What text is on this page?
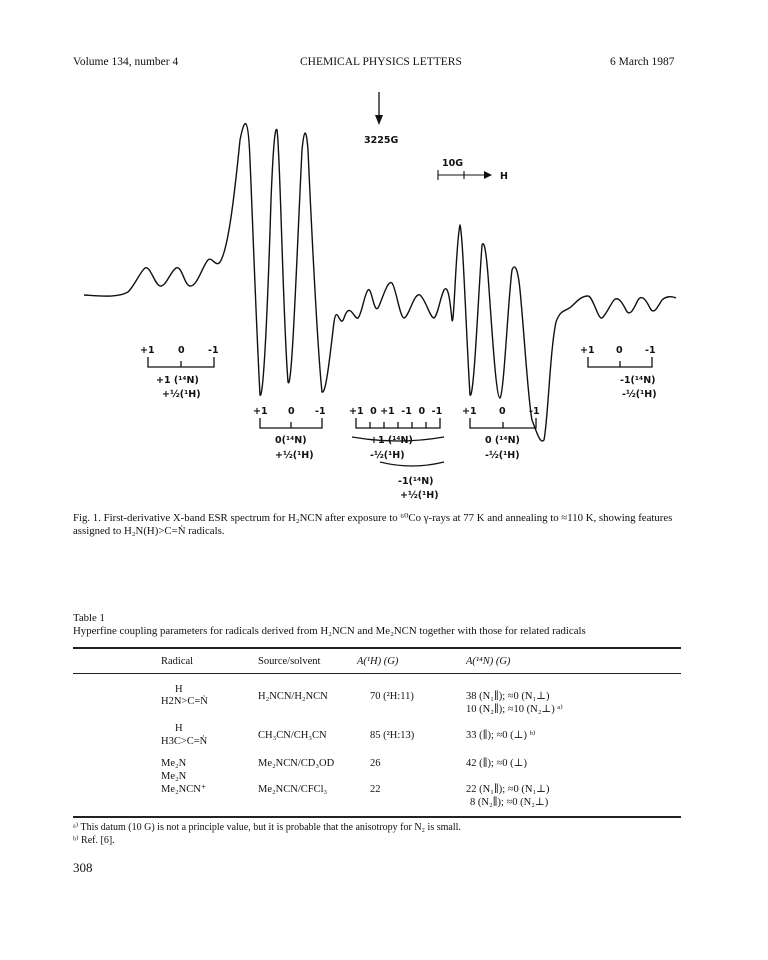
Volume 134, number 4	CHEMICAL PHYSICS LETTERS	6 March 1987
3225G
10G
H
+1 0 -1
+1 (¹⁴N)
+½(¹H)
+1 0 -1
0(¹⁴N)
+½(¹H)
+1  0 +1  -1  0  -1
+1 (¹⁴N)
-½(¹H)
-1(¹⁴N)
+½(¹H)
+1 0 -1
0 (¹⁴N)
-½(¹H)
+1 0 -1
-1(¹⁴N)
-½(¹H)
Fig. 1. First-derivative X-band ESR spectrum for H₂NCN after exposure to ⁶⁰Co γ-rays at 77 K and annealing to ≈110 K, showing features assigned to H₂N(H)>C=Ṅ radicals.
Table 1
Hyperfine coupling parameters for radicals derived from H₂NCN and Me₂NCN together with those for related radicals
Radical	Source/solvent	A(¹H) (G)	A(¹⁴N) (G)
H
H2N>C=Ṅ	H₂NCN/H₂NCN	70 (²H:11)	38 (N₁∥); ≈0 (N₁⊥)
10 (N₂∥); ≈10 (N₂⊥) ᵃ⁾
H
H3C>C=Ṅ
CH₃CN/CH₃CN	85 (²H:13)	33 (∥); ≈0 (⊥) ᵇ⁾
Me₂N
Me₂N
Me₂NCN/CD₃OD	26	42 (∥); ≈0 (⊥)
Me₂NCN⁺	Me₂NCN/CFCl₃	22	22 (N₁∥); ≈0 (N₁⊥)
8 (N₂∥); ≈0 (N₂⊥)
ᵃ⁾ This datum (10 G) is not a principle value, but it is probable that the anisotropy for N₂ is small.
ᵇ⁾ Ref. [6].
308
